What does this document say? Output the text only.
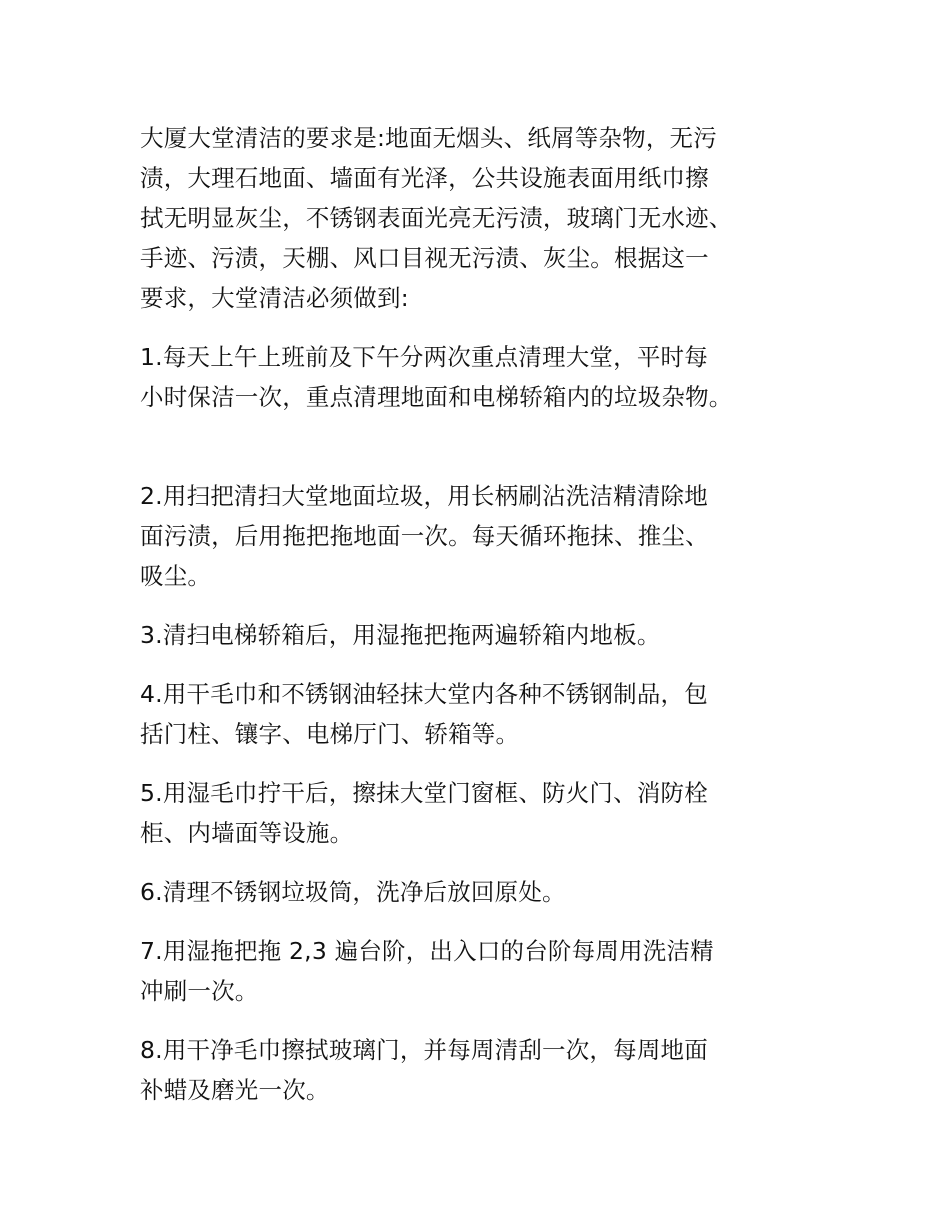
大厦大堂清洁的要求是:地面无烟头、纸屑等杂物，无污
渍，大理石地面、墙面有光泽，公共设施表面用纸巾擦
拭无明显灰尘，不锈钢表面光亮无污渍，玻璃门无水迹、
手迹、污渍，天棚、风口目视无污渍、灰尘。根据这一
要求，大堂清洁必须做到:

1.每天上午上班前及下午分两次重点清理大堂，平时每
小时保洁一次，重点清理地面和电梯轿箱内的垃圾杂物。

2.用扫把清扫大堂地面垃圾，用长柄刷沾洗洁精清除地
面污渍，后用拖把拖地面一次。每天循环拖抹、推尘、
吸尘。

3.清扫电梯轿箱后，用湿拖把拖两遍轿箱内地板。

4.用干毛巾和不锈钢油轻抹大堂内各种不锈钢制品，包
括门柱、镶字、电梯厅门、轿箱等。

5.用湿毛巾拧干后，擦抹大堂门窗框、防火门、消防栓
柜、内墙面等设施。

6.清理不锈钢垃圾筒，洗净后放回原处。

7.用湿拖把拖 2,3 遍台阶，出入口的台阶每周用洗洁精
冲刷一次。

8.用干净毛巾擦拭玻璃门，并每周清刮一次，每周地面
补蜡及磨光一次。
